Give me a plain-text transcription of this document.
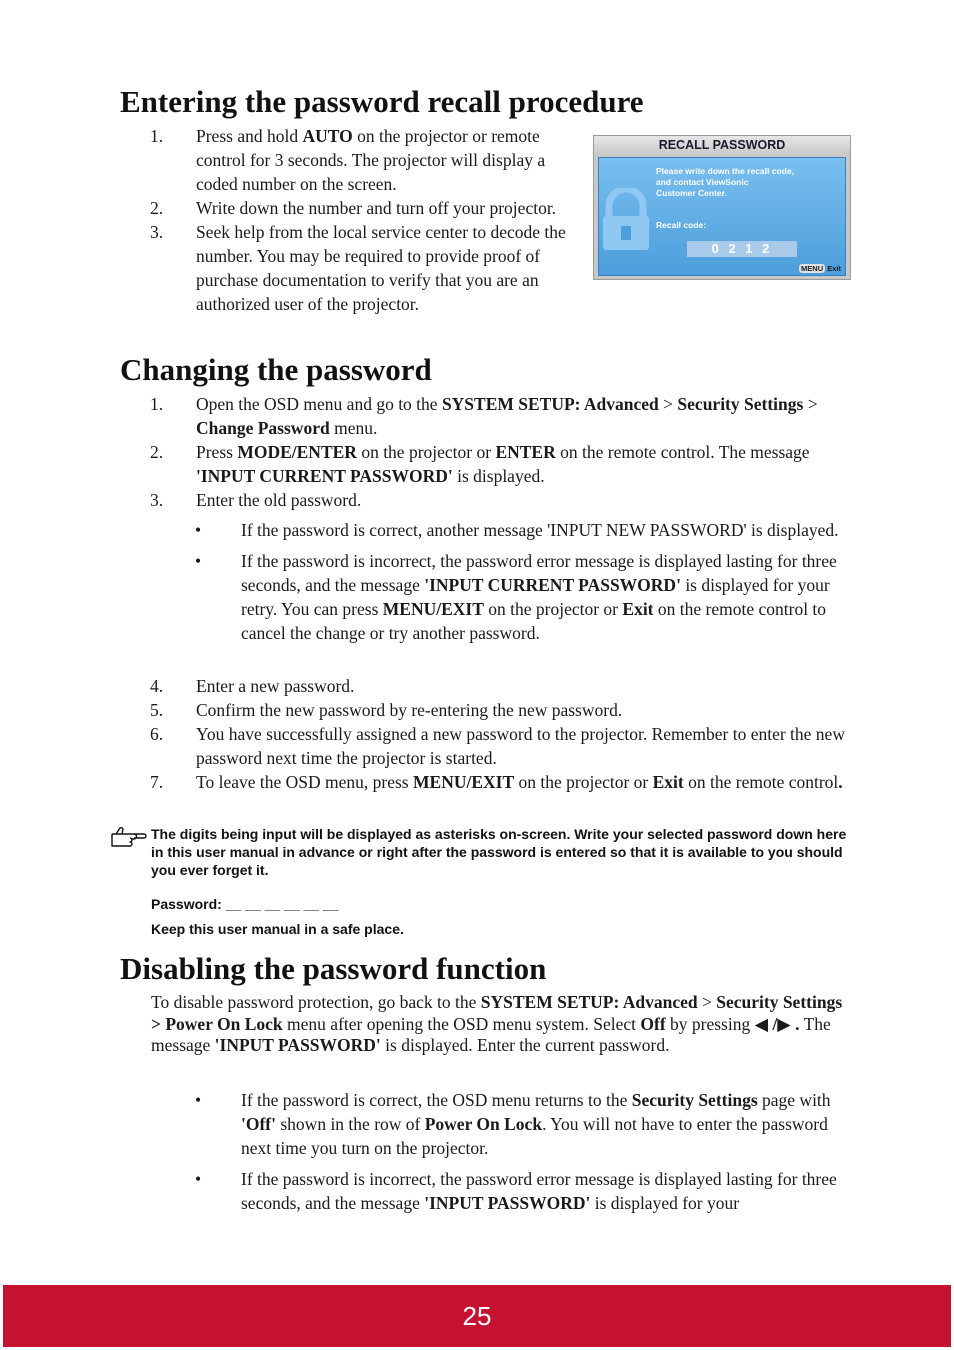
Entering the password recall procedure
1. Press and hold AUTO on the projector or remote control for 3 seconds. The projector will display a coded number on the screen.
2. Write down the number and turn off your projector.
3. Seek help from the local service center to decode the number. You may be required to provide proof of purchase documentation to verify that you are an authorized user of the projector.
RECALL PASSWORD
Please write down the recall code,
and contact ViewSonic
Customer Center.
Recall code:
0 2 1 2
MENU Exit
Changing the password
1. Open the OSD menu and go to the SYSTEM SETUP: Advanced > Security Settings > Change Password menu.
2. Press MODE/ENTER on the projector or ENTER on the remote control. The message 'INPUT CURRENT PASSWORD' is displayed.
3. Enter the old password.
• If the password is correct, another message 'INPUT NEW PASSWORD' is displayed.
• If the password is incorrect, the password error message is displayed lasting for three seconds, and the message 'INPUT CURRENT PASSWORD' is displayed for your retry. You can press MENU/EXIT on the projector or Exit on the remote control to cancel the change or try another password.
4. Enter a new password.
5. Confirm the new password by re-entering the new password.
6. You have successfully assigned a new password to the projector. Remember to enter the new password next time the projector is started.
7. To leave the OSD menu, press MENU/EXIT on the projector or Exit on the remote control.

The digits being input will be displayed as asterisks on-screen. Write your selected password down here in this user manual in advance or right after the password is entered so that it is available to you should you ever forget it.

Password: __ __ __ __ __ __

Keep this user manual in a safe place.

Disabling the password function

To disable password protection, go back to the SYSTEM SETUP: Advanced > Security Settings > Power On Lock menu after opening the OSD menu system. Select Off by pressing ◀ /▶ . The message 'INPUT PASSWORD' is displayed. Enter the current password.

• If the password is correct, the OSD menu returns to the Security Settings page with 'Off' shown in the row of Power On Lock. You will not have to enter the password next time you turn on the projector.
• If the password is incorrect, the password error message is displayed lasting for three seconds, and the message 'INPUT PASSWORD' is displayed for your
25
